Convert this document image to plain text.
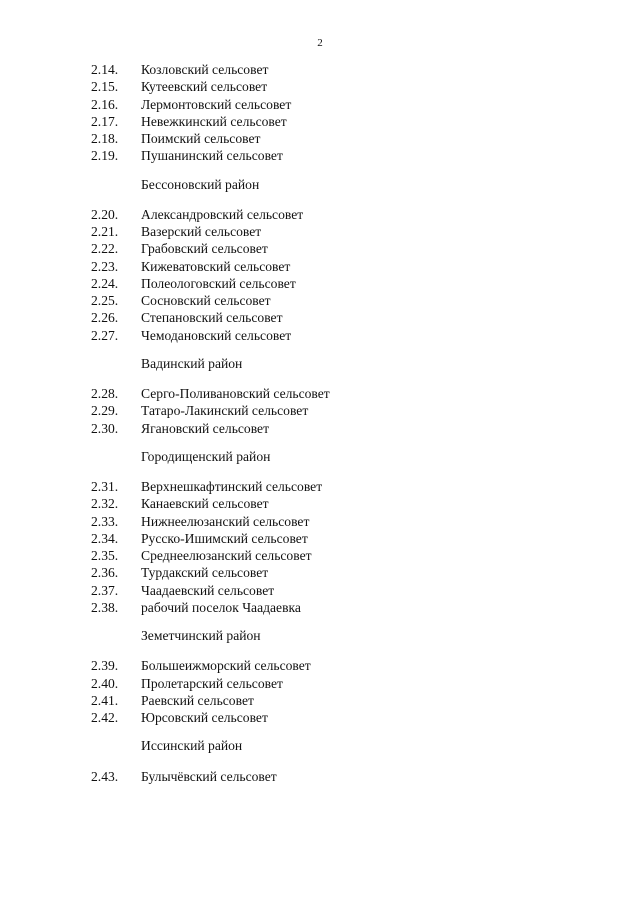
2
2.14.	Козловский сельсовет
2.15.	Кутеевский сельсовет
2.16.	Лермонтовский сельсовет
2.17.	Невежкинский сельсовет
2.18.	Поимский сельсовет
2.19.	Пушанинский сельсовет
Бессоновский район
2.20.	Александровский сельсовет
2.21.	Вазерский сельсовет
2.22.	Грабовский сельсовет
2.23.	Кижеватовский сельсовет
2.24.	Полеологовский сельсовет
2.25.	Сосновский сельсовет
2.26.	Степановский сельсовет
2.27.	Чемодановский сельсовет
Вадинский район
2.28.	Серго-Поливановский сельсовет
2.29.	Татаро-Лакинский сельсовет
2.30.	Ягановский сельсовет
Городищенский район
2.31.	Верхнешкафтинский сельсовет
2.32.	Канаевский сельсовет
2.33.	Нижнеелюзанский сельсовет
2.34.	Русско-Ишимский сельсовет
2.35.	Среднеелюзанский сельсовет
2.36.	Турдакский сельсовет
2.37.	Чаадаевский сельсовет
2.38.	рабочий поселок Чаадаевка
Земетчинский район
2.39.	Большеижморский сельсовет
2.40.	Пролетарский сельсовет
2.41.	Раевский сельсовет
2.42.	Юрсовский сельсовет
Иссинский район
2.43.	Булычёвский сельсовет
